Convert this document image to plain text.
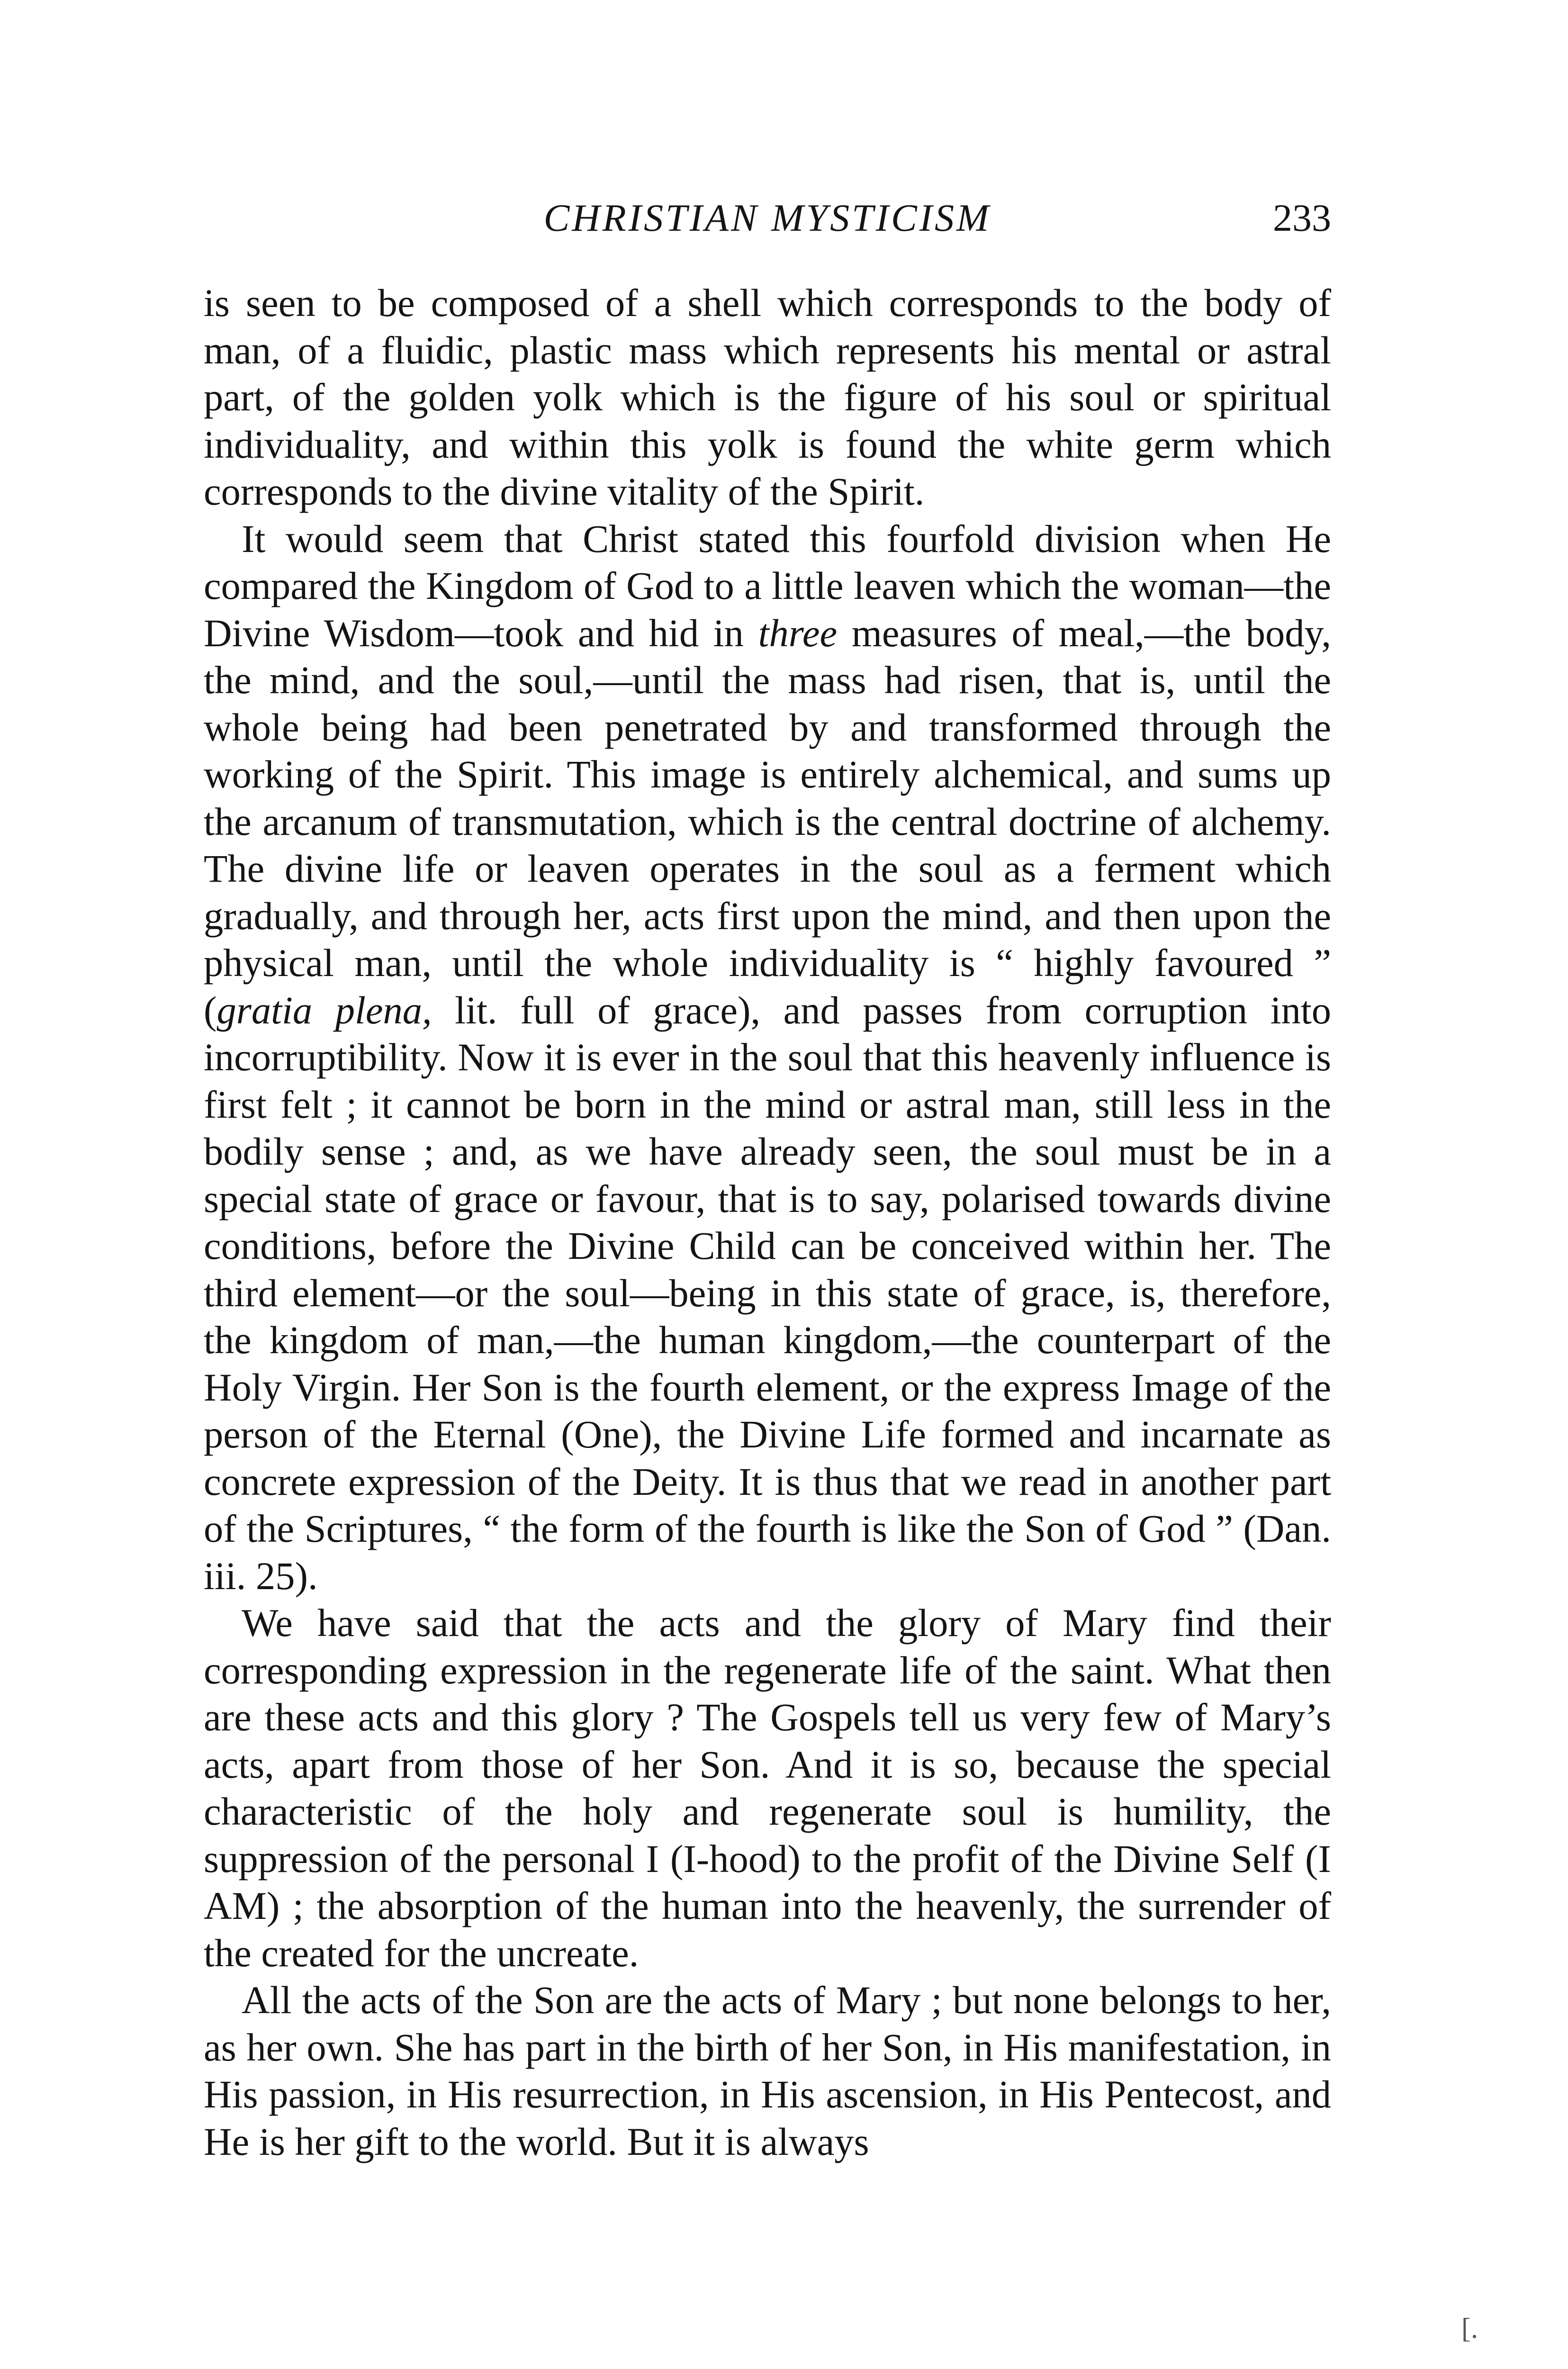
CHRISTIAN MYSTICISM	233

is seen to be composed of a shell which corresponds to the body of man, of a fluidic, plastic mass which represents his mental or astral part, of the golden yolk which is the figure of his soul or spiritual individuality, and within this yolk is found the white germ which corresponds to the divine vitality of the Spirit.

It would seem that Christ stated this fourfold division when He compared the Kingdom of God to a little leaven which the woman—the Divine Wisdom—took and hid in three measures of meal,—the body, the mind, and the soul,—until the mass had risen, that is, until the whole being had been penetrated by and transformed through the working of the Spirit. This image is entirely alchemical, and sums up the arcanum of transmutation, which is the central doctrine of alchemy. The divine life or leaven operates in the soul as a ferment which gradually, and through her, acts first upon the mind, and then upon the physical man, until the whole individuality is “ highly favoured ” (gratia plena, lit. full of grace), and passes from corruption into incorruptibility. Now it is ever in the soul that this heavenly influence is first felt ; it cannot be born in the mind or astral man, still less in the bodily sense ; and, as we have already seen, the soul must be in a special state of grace or favour, that is to say, polarised towards divine conditions, before the Divine Child can be conceived within her. The third element—or the soul—being in this state of grace, is, therefore, the kingdom of man,—the human kingdom,—the counterpart of the Holy Virgin. Her Son is the fourth element, or the express Image of the person of the Eternal (One), the Divine Life formed and incarnate as concrete expression of the Deity. It is thus that we read in another part of the Scriptures, “ the form of the fourth is like the Son of God ” (Dan. iii. 25).

We have said that the acts and the glory of Mary find their corresponding expression in the regenerate life of the saint. What then are these acts and this glory ? The Gospels tell us very few of Mary’s acts, apart from those of her Son. And it is so, because the special characteristic of the holy and regenerate soul is humility, the suppression of the personal I (I-hood) to the profit of the Divine Self (I AM) ; the absorption of the human into the heavenly, the surrender of the created for the uncreate.

All the acts of the Son are the acts of Mary ; but none belongs to her, as her own. She has part in the birth of her Son, in His manifestation, in His passion, in His resurrection, in His ascension, in His Pentecost, and He is her gift to the world. But it is always

[.
